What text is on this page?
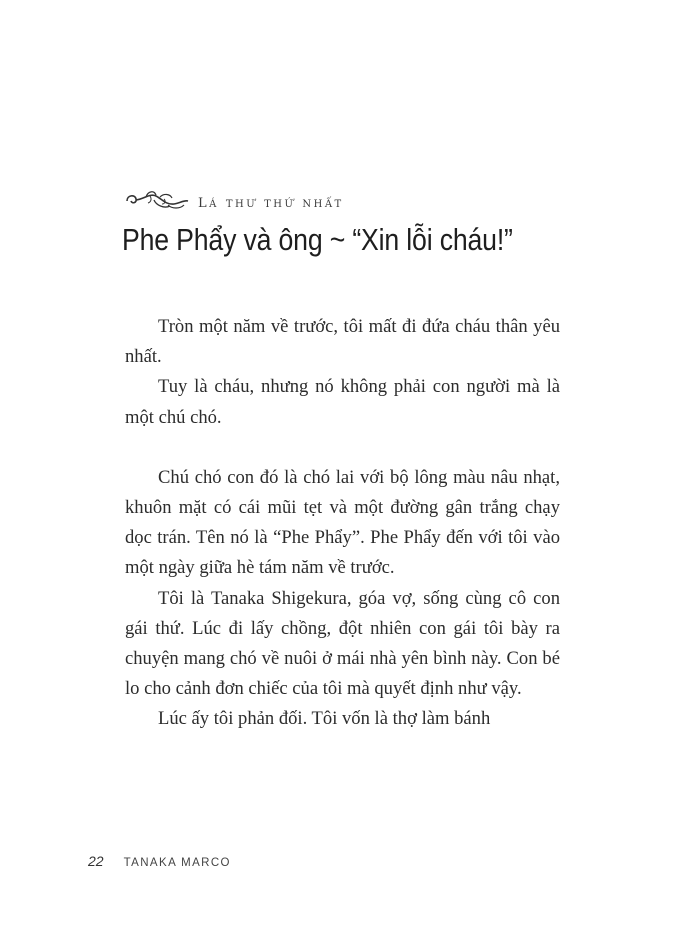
lá thư thứ nhất
Phe Phẩy và ông ~ “Xin lỗi cháu!”

Tròn một năm về trước, tôi mất đi đứa cháu thân yêu nhất.

Tuy là cháu, nhưng nó không phải con người mà là một chú chó.

Chú chó con đó là chó lai với bộ lông màu nâu nhạt, khuôn mặt có cái mũi tẹt và một đường gân trắng chạy dọc trán. Tên nó là “Phe Phẩy”. Phe Phẩy đến với tôi vào một ngày giữa hè tám năm về trước.

Tôi là Tanaka Shigekura, góa vợ, sống cùng cô con gái thứ. Lúc đi lấy chồng, đột nhiên con gái tôi bày ra chuyện mang chó về nuôi ở mái nhà yên bình này. Con bé lo cho cảnh đơn chiếc của tôi mà quyết định như vậy.

Lúc ấy tôi phản đối. Tôi vốn là thợ làm bánh

22 TANAKA MARCO
